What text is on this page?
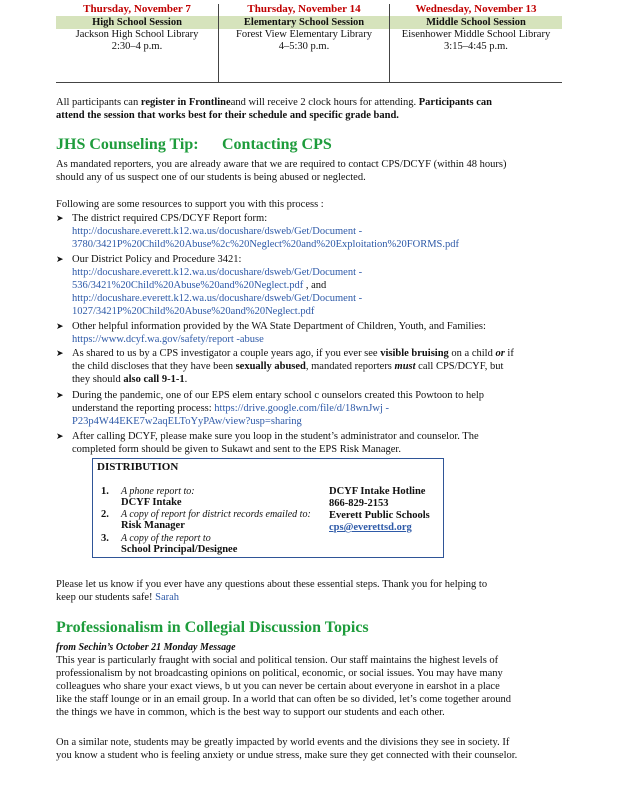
Thursday, November 7
High School Session
Jackson High School Library
2:30–4 p.m.
Thursday, November 14
Elementary School Session
Forest View Elementary Library
4–5:30 p.m.
Wednesday, November 13
Middle School Session
Eisenhower Middle School Library
3:15–4:45 p.m.
All participants can register in Frontlineand will receive 2 clock hours for attending. Participants can
attend the session that works best for their schedule and specific grade band.
JHS Counseling Tip: Contacting CPS
As mandated reporters, you are already aware that we are required to contact CPS/DCYF (within 48 hours)
should any of us suspect one of our students is being abused or neglected.
Following are some resources to support you with this process :
➤ The district required CPS/DCYF Report form:
http://docushare.everett.k12.wa.us/docushare/dsweb/Get/Document -
3780/3421P%20Child%20Abuse%2c%20Neglect%20and%20Exploitation%20FORMS.pdf
➤ Our District Policy and Procedure 3421:
http://docushare.everett.k12.wa.us/docushare/dsweb/Get/Document -
536/3421%20Child%20Abuse%20and%20Neglect.pdf , and
http://docushare.everett.k12.wa.us/docushare/dsweb/Get/Document -
1027/3421P%20Child%20Abuse%20and%20Neglect.pdf
➤ Other helpful information provided by the WA State Department of Children, Youth, and Families:
https://www.dcyf.wa.gov/safety/report -abuse
➤ As shared to us by a CPS investigator a couple years ago, if you ever see visible bruising on a child or if
the child discloses that they have been sexually abused, mandated reporters must call CPS/DCYF, but
they should also call 9-1-1.
➤ During the pandemic, one of our EPS elem entary school c ounselors created this Powtoon to help
understand the reporting process: https://drive.google.com/file/d/18wnJwj -
P23p4W44EKE7w2aqELToYyPAw/view?usp=sharing
➤ After calling DCYF, please make sure you loop in the student’s administrator and counselor. The
completed form should be given to Sukawt and sent to the EPS Risk Manager.
DISTRIBUTION
1. A phone report to:
DCYF Intake
2. A copy of report for district records emailed to:
Risk Manager
3. A copy of the report to
School Principal/Designee
DCYF Intake Hotline
866-829-2153
Everett Public Schools
cps@everettsd.org
Please let us know if you ever have any questions about these essential steps. Thank you for helping to
keep our students safe! Sarah
Professionalism in Collegial Discussion Topics
from Sechin’s October 21 Monday Message
This year is particularly fraught with social and political tension. Our staff maintains the highest levels of
professionalism by not broadcasting opinions on political, economic, or social issues. You may have many
colleagues who share your exact views, b ut you can never be certain about everyone in earshot in a place
like the staff lounge or in an email group. In a world that can often be so divided, let’s come together around
the things we have in common, which is the best way to support our students and each other.
On a similar note, students may be greatly impacted by world events and the divisions they see in society. If
you know a student who is feeling anxiety or undue stress, make sure they get connected with their counselor.
